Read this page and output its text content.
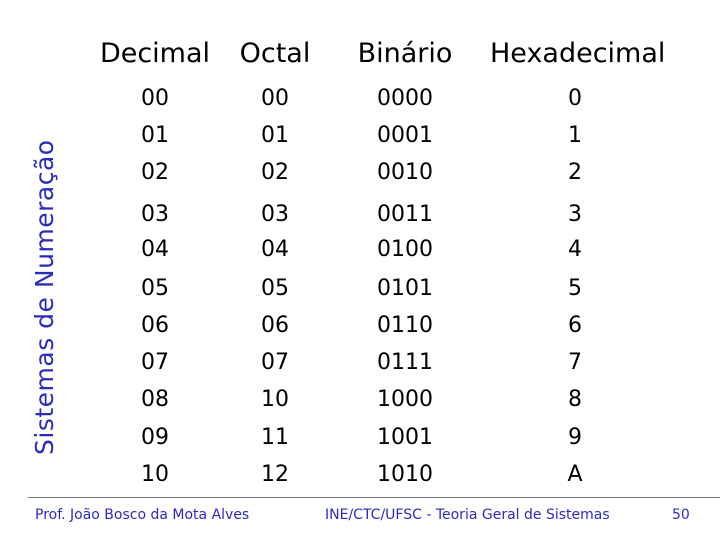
Sistemas de Numeração
Decimal	Octal	Binário	Hexadecimal
00	00	0000	0
01	01	0001	1
02	02	0010	2
03	03	0011	3
04	04	0100	4
05	05	0101	5
06	06	0110	6
07	07	0111	7
08	10	1000	8
09	11	1001	9
10	12	1010	A
Prof. João Bosco da Mota Alves	INE/CTC/UFSC - Teoria Geral de Sistemas	50
